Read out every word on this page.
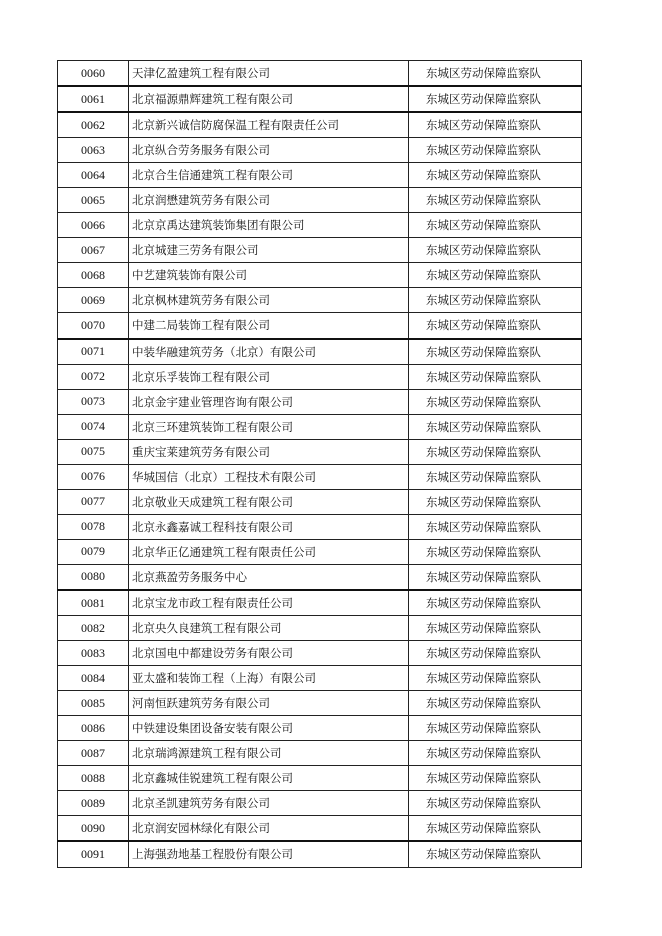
0060	天津亿盈建筑工程有限公司	东城区劳动保障监察队
0061	北京福源鼎辉建筑工程有限公司	东城区劳动保障监察队
0062	北京新兴诚信防腐保温工程有限责任公司	东城区劳动保障监察队
0063	北京纵合劳务服务有限公司	东城区劳动保障监察队
0064	北京合生信通建筑工程有限公司	东城区劳动保障监察队
0065	北京润懋建筑劳务有限公司	东城区劳动保障监察队
0066	北京京禹达建筑装饰集团有限公司	东城区劳动保障监察队
0067	北京城建三劳务有限公司	东城区劳动保障监察队
0068	中艺建筑装饰有限公司	东城区劳动保障监察队
0069	北京枫林建筑劳务有限公司	东城区劳动保障监察队
0070	中建二局装饰工程有限公司	东城区劳动保障监察队
0071	中装华融建筑劳务（北京）有限公司	东城区劳动保障监察队
0072	北京乐孚装饰工程有限公司	东城区劳动保障监察队
0073	北京金宇建业管理咨询有限公司	东城区劳动保障监察队
0074	北京三环建筑装饰工程有限公司	东城区劳动保障监察队
0075	重庆宝莱建筑劳务有限公司	东城区劳动保障监察队
0076	华城国信（北京）工程技术有限公司	东城区劳动保障监察队
0077	北京敬业天成建筑工程有限公司	东城区劳动保障监察队
0078	北京永鑫嘉诚工程科技有限公司	东城区劳动保障监察队
0079	北京华正亿通建筑工程有限责任公司	东城区劳动保障监察队
0080	北京燕盈劳务服务中心	东城区劳动保障监察队
0081	北京宝龙市政工程有限责任公司	东城区劳动保障监察队
0082	北京央久良建筑工程有限公司	东城区劳动保障监察队
0083	北京国电中都建设劳务有限公司	东城区劳动保障监察队
0084	亚太盛和装饰工程（上海）有限公司	东城区劳动保障监察队
0085	河南恒跃建筑劳务有限公司	东城区劳动保障监察队
0086	中铁建设集团设备安装有限公司	东城区劳动保障监察队
0087	北京瑞鸿源建筑工程有限公司	东城区劳动保障监察队
0088	北京鑫城佳锐建筑工程有限公司	东城区劳动保障监察队
0089	北京圣凯建筑劳务有限公司	东城区劳动保障监察队
0090	北京润安园林绿化有限公司	东城区劳动保障监察队
0091	上海强劲地基工程股份有限公司	东城区劳动保障监察队
